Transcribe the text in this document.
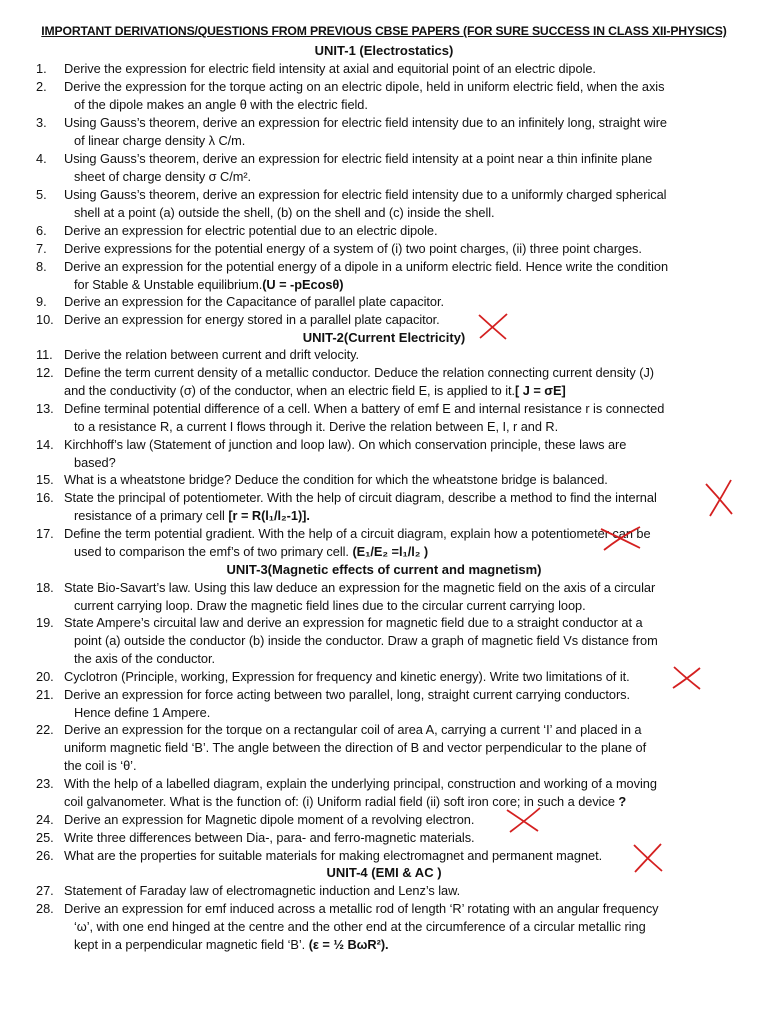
IMPORTANT DERIVATIONS/QUESTIONS FROM PREVIOUS CBSE PAPERS (FOR SURE SUCCESS IN CLASS XII-PHYSICS)
UNIT-1 (Electrostatics)
1.	Derive the expression for electric field intensity at axial and equitorial point of an electric dipole.
2.	Derive the expression for the torque acting on an electric dipole, held in uniform electric field, when the axis
of the dipole makes an angle θ with the electric field.
3.	Using Gauss’s theorem, derive an expression for electric field intensity due to an infinitely long, straight wire
of linear charge density λ C/m.
4.	Using Gauss’s theorem, derive an expression for electric field intensity at a point near a thin infinite plane
sheet of charge density σ C/m².
5.	Using Gauss’s theorem, derive an expression for electric field intensity due to a uniformly charged spherical
shell at a point (a) outside the shell, (b) on the shell and (c) inside the shell.
6.	Derive an expression for electric potential due to an electric dipole.
7.	Derive expressions for the potential energy of a system of (i) two point charges, (ii) three point charges.
8.	Derive an expression for the potential energy of a dipole in a uniform electric field. Hence write the condition
for Stable & Unstable equilibrium.(U = -pEcosθ)
9.	Derive an expression for the Capacitance of parallel plate capacitor.
10. Derive an expression for energy stored in a parallel plate capacitor.
UNIT-2(Current Electricity)
11. Derive the relation between current and drift velocity.
12. Define the term current density of a metallic conductor. Deduce the relation connecting current density (J)
and the conductivity (σ) of the conductor, when an electric field E, is applied to it.[ J = σE]
13. Define terminal potential difference of a cell. When a battery of emf E and internal resistance r is connected
to a resistance R, a current I flows through it. Derive the relation between E, I, r and R.
14. Kirchhoff’s law (Statement of junction and loop law). On which conservation principle, these laws are
based?
15. What is a wheatstone bridge? Deduce the condition for which the wheatstone bridge is balanced.
16. State the principal of potentiometer. With the help of circuit diagram, describe a method to find the internal
resistance of a primary cell [r = R(l₁/l₂-1)].
17. Define the term potential gradient. With the help of a circuit diagram, explain how a potentiometer can be
used to comparison the emf’s of two primary cell. (E₁/E₂ =l₁/l₂ )
UNIT-3(Magnetic effects of current and magnetism)
18. State Bio-Savart’s law. Using this law deduce an expression for the magnetic field on the axis of a circular
current carrying loop. Draw the magnetic field lines due to the circular current carrying loop.
19. State Ampere’s circuital law and derive an expression for magnetic field due to a straight conductor at a
point (a) outside the conductor (b) inside the conductor. Draw a graph of magnetic field Vs distance from
the axis of the conductor.
20. Cyclotron (Principle, working, Expression for frequency and kinetic energy). Write two limitations of it.
21. Derive an expression for force acting between two parallel, long, straight current carrying conductors.
Hence define 1 Ampere.
22. Derive an expression for the torque on a rectangular coil of area A, carrying a current ‘I’ and placed in a
uniform magnetic field ‘B’. The angle between the direction of B and vector perpendicular to the plane of
the coil is ‘θ’.
23. With the help of a labelled diagram, explain the underlying principal, construction and working of a moving
coil galvanometer. What is the function of: (i) Uniform radial field (ii) soft iron core; in such a device ?
24. Derive an expression for Magnetic dipole moment of a revolving electron.
25. Write three differences between Dia-, para- and ferro-magnetic materials.
26. What are the properties for suitable materials for making electromagnet and permanent magnet.
UNIT-4 (EMI & AC )
27. Statement of Faraday law of electromagnetic induction and Lenz’s law.
28. Derive an expression for emf induced across a metallic rod of length ‘R’ rotating with an angular frequency
‘ω’, with one end hinged at the centre and the other end at the circumference of a circular metallic ring
kept in a perpendicular magnetic field ‘B’. (ε = ½ BωR²).
